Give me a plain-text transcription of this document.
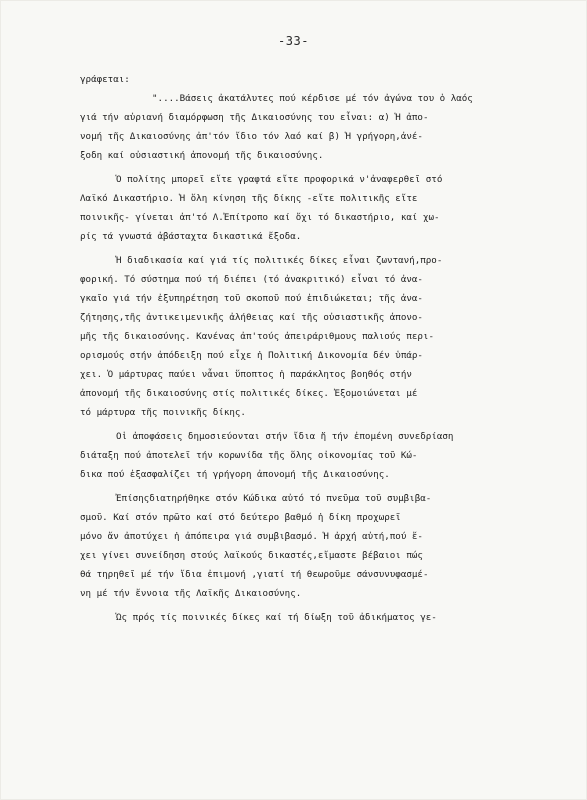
-33-
γράφεται:
"....Βάσεις ἀκατάλυτες πού κέρδισε μέ τόν ἀγώνα του ὁ λαός
γιά τήν αὐριανή διαμόρφωση τῆς Δικαιοσύνης του εἶναι: α) Ἡ ἀπο-
νομή τῆς Δικαιοσύνης ἀπ'τόν ἴδιο τόν λαό καί β) Ἡ γρήγορη,ἀνέ-
ξοδη καί οὐσιαστική ἀπονομή τῆς δικαιοσύνης.
Ὁ πολίτης μπορεῖ εἴτε γραφτά εἴτε προφορικά ν'ἀναφερθεῖ στό
Λαϊκό Δικαστήριο. Ἡ ὅλη κίνηση τῆς δίκης -εἴτε πολιτικῆς εἴτε
ποινικῆς- γίνεται ἀπ'τό Λ.Ἐπίτροπο καί ὄχι τό δικαστήριο, καί χω-
ρίς τά γνωστά ἀβάσταχτα δικαστικά ἔξοδα.
Ἡ διαδικασία καί γιά τίς πολιτικές δίκες εἶναι ζωντανή,προ-
φορική. Τό σύστημα πού τή διέπει (τό ἀνακριτικό) εἶναι τό ἀνα-
γκαῖο γιά τήν ἐξυπηρέτηση τοῦ σκοποῦ πού ἐπιδιώκεται; τῆς ἀνα-
ζήτησης,τῆς ἀντικειμενικῆς ἀλήθειας καί τῆς οὐσιαστικῆς ἀπονο-
μῆς τῆς δικαιοσύνης. Κανένας ἀπ'τούς ἀπειράριθμους παλιούς περι-
ορισμούς στήν ἀπόδειξη πού εἶχε ἡ Πολιτική Δικονομία δέν ὑπάρ-
χει. Ὁ μάρτυρας παύει νἆναι ὕποπτος ἡ παράκλητος βοηθός στήν
ἀπονομή τῆς δικαιοσύνης στίς πολιτικές δίκες. Ἐξομοιώνεται μέ
τό μάρτυρα τῆς ποινικῆς δίκης.
Οἱ ἀποφάσεις δημοσιεύονται στήν ἴδια ἤ τήν ἐπομένη συνεδρίαση
διάταξη πού ἀποτελεῖ τήν κορωνίδα τῆς ὅλης οἰκονομίας τοῦ Κώ-
δικα πού ἐξασφαλίζει τή γρήγορη ἀπονομή τῆς Δικαιοσύνης.
Ἐπίσηςδιατηρήθηκε στόν Κώδικα αὐτό τό πνεῦμα τοῦ συμβιβα-
σμοῦ. Καί στόν πρῶτο καί στό δεύτερο βαθμό ἡ δίκη προχωρεῖ
μόνο ἄν ἀποτύχει ἡ ἀπόπειρα γιά συμβιβασμό. Ἡ ἀρχή αὐτή,πού ἔ-
χει γίνει συνείδηση στούς λαϊκούς δικαστές,εἴμαστε βέβαιοι πώς
θά τηρηθεῖ μέ τήν ἴδια ἐπιμονή ,γιατί τή θεωροῦμε σάνσυνυφασμέ-
νη μέ τήν ἔννοια τῆς Λαϊκῆς Δικαιοσύνης.
Ὡς πρός τίς ποινικές δίκες καί τή δίωξη τοῦ ἀδικήματος γε-
